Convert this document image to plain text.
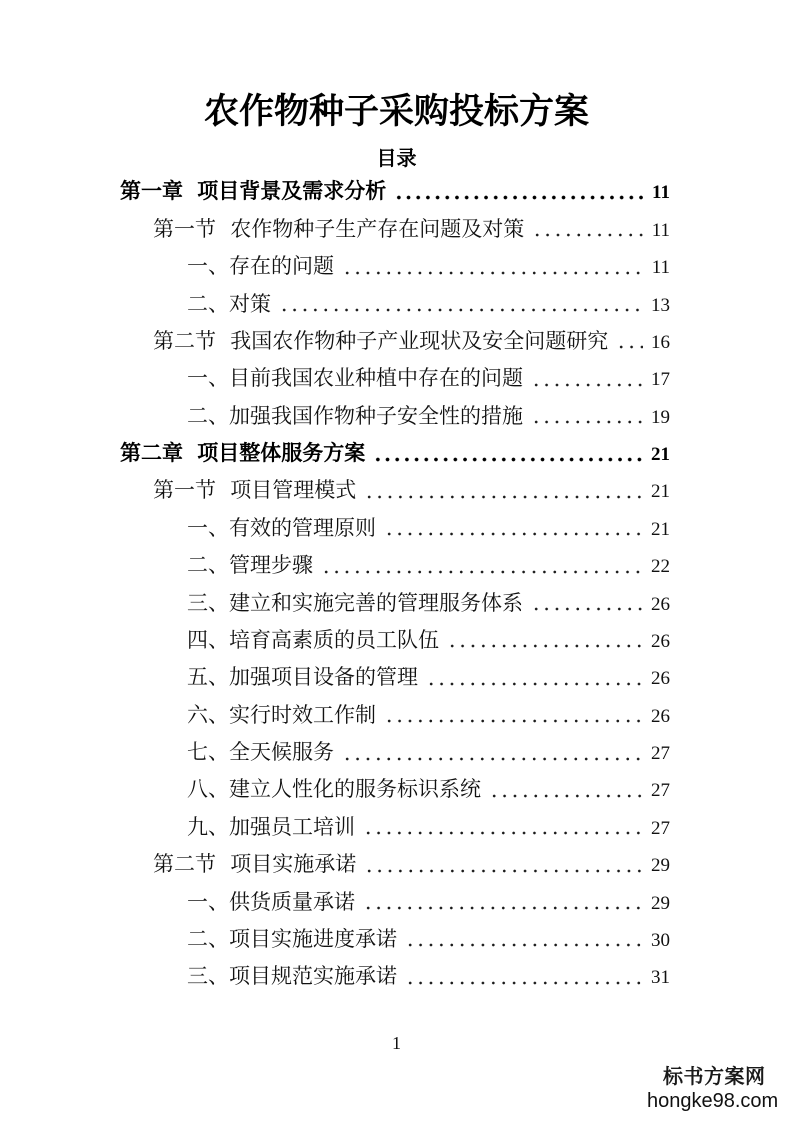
农作物种子采购投标方案
目录
第一章 项目背景及需求分析	11
第一节 农作物种子生产存在问题及对策	11
一、存在的问题	11
二、对策	13
第二节 我国农作物种子产业现状及安全问题研究 16
一、目前我国农业种植中存在的问题	17
二、加强我国作物种子安全性的措施	19
第二章 项目整体服务方案	21
第一节 项目管理模式	21
一、有效的管理原则	21
二、管理步骤	22
三、建立和实施完善的管理服务体系	26
四、培育高素质的员工队伍	26
五、加强项目设备的管理	26
六、实行时效工作制	26
七、全天候服务	27
八、建立人性化的服务标识系统	27
九、加强员工培训	27
第二节 项目实施承诺	29
一、供货质量承诺	29
二、项目实施进度承诺	30
三、项目规范实施承诺	31
1
标书方案网
hongke98.com
